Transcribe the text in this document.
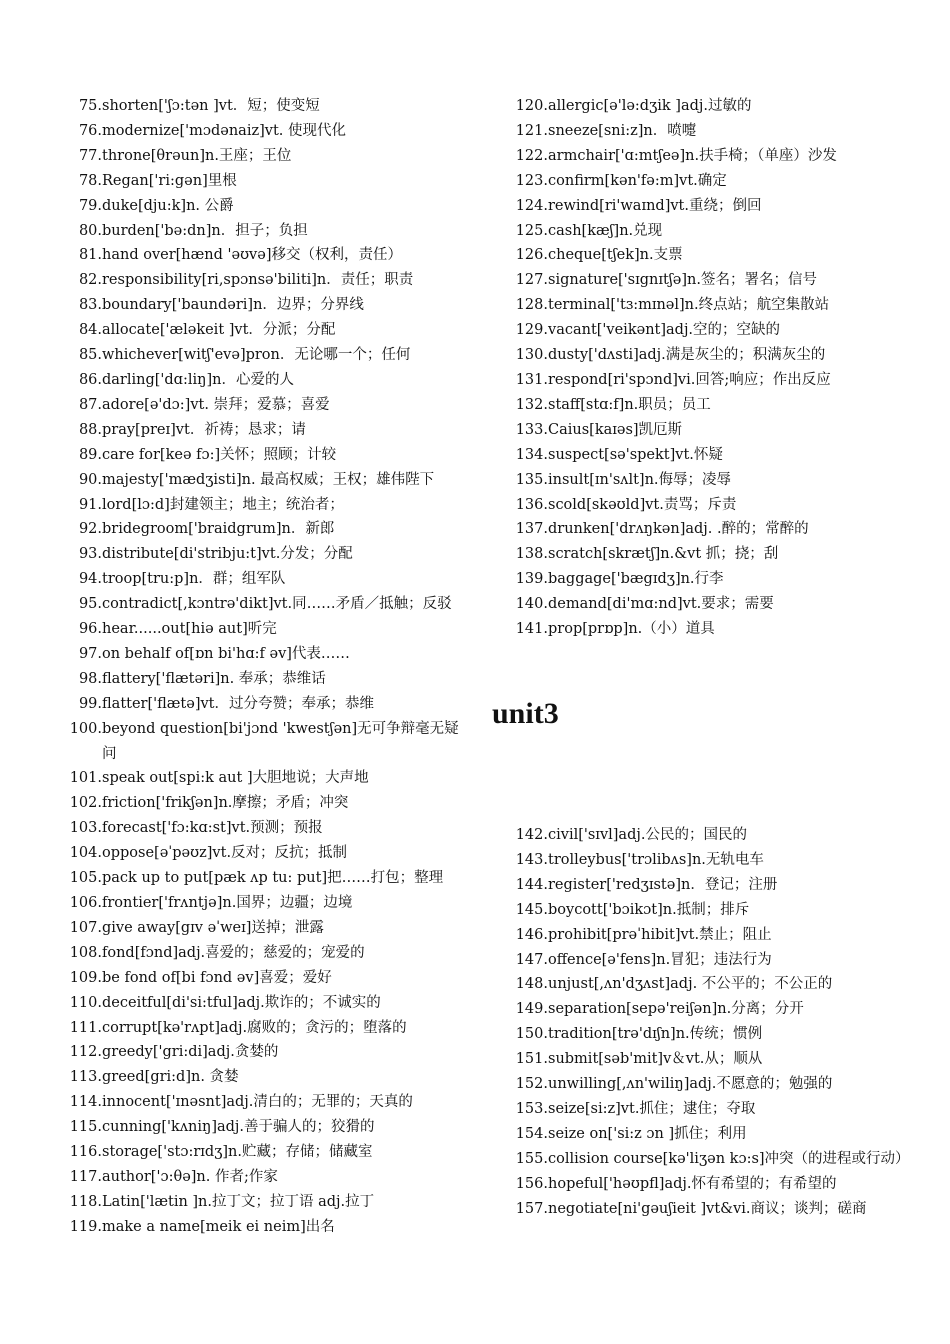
75. shorten['ʃɔ:tən ]vt．短；使变短
76. modernize['mɔdənaiz]vt. 使现代化
77. throne[θrəun]n.王座；王位
78. Regan['ri:gən]里根
79. duke[dju:k]n. 公爵
80. burden['bə:dn]n．担子；负担
81. hand over[hænd 'əʊvə]移交（权利，责任）
82. responsibility[ri,spɔnsə'biliti]n．责任；职责
83. boundary['baundəri]n．边界；分界线
84. allocate['æləkeit ]vt．分派；分配
85. whichever[witʃ'evə]pron．无论哪一个；任何
86. darling['dɑ:liŋ]n．心爱的人
87. adore[ə'dɔ:]vt. 崇拜；爱慕；喜爱
88. pray[preɪ]vt．祈祷；恳求；请
89. care for[keə fɔ:]关怀；照顾；计较
90. majesty['mædʒisti]n. 最高权威；王权；雄伟陛下
91. lord[lɔ:d]封建领主；地主；统治者；
92. bridegroom['braidgrum]n．新郎
93. distribute[di'stribju:t]vt.分发；分配
94. troop[tru:p]n．群；组军队
95. contradict[,kɔntrə'dikt]vt.同……矛盾／抵触；反驳
96. hear......out[hiə aut]听完
97. on behalf of[ɒn bi'hɑ:f əv]代表……
98. flattery['flætəri]n. 奉承；恭维话
99. flatter['flætə]vt．过分夸赞；奉承；恭维
100. beyond question[bi'jɔnd 'kwestʃən]无可争辩毫无疑问
101. speak out[spi:k aut ]大胆地说；大声地
102. friction['frikʃən]n.摩擦；矛盾；冲突
103. forecast['fɔ:kɑ:st]vt.预测；预报
104. oppose[əˈpəʊz]vt.反对；反抗；抵制
105. pack up to put[pæk ʌp tu: put]把……打包；整理
106. frontier['frʌntjə]n.国界；边疆；边境
107. give away[gɪv əˈweɪ]送掉；泄露
108. fond[fɔnd]adj.喜爱的；慈爱的；宠爱的
109. be fond of[bi fɔnd əv]喜爱；爱好
110. deceitful[di'si:tful]adj.欺诈的；不诚实的
111. corrupt[kə'rʌpt]adj.腐败的；贪污的；堕落的
112. greedy['gri:di]adj.贪婪的
113. greed[gri:d]n. 贪婪
114. innocent['ɪnəsnt]adj.清白的；无罪的；天真的
115. cunning['kʌniŋ]adj.善于骗人的；狡猾的
116. storage['stɔ:rɪdʒ]n.贮藏；存储；储藏室
117. author['ɔ:θə]n. 作者;作家
118. Latin['lætin ]n.拉丁文；拉丁语 adj.拉丁
119. make a name[meik ei neim]出名
120. allergic[ə'lə:dʒik ]adj.过敏的
121. sneeze[sni:z]n．喷嚏
122. armchair['ɑ:mtʃeə]n.扶手椅；（单座）沙发
123. confirm[kən'fə:m]vt.确定
124. rewind[ri'waɪnd]vt.重绕；倒回
125. cash[kæʃ]n.兑现
126. cheque[tʃek]n.支票
127. signature['sɪgnɪtʃə]n.签名；署名；信号
128. terminal['tɜ:mɪnəl]n.终点站；航空集散站
129. vacant['veikənt]adj.空的；空缺的
130. dusty['dʌsti]adj.满是灰尘的；积满灰尘的
131. respond[ri'spɔnd]vi.回答;响应；作出反应
132. staff[stɑ:f]n.职员；员工
133. Caius[kaɪəs]凯厄斯
134. suspect[sə'spekt]vt.怀疑
135. insult[ɪn'sʌlt]n.侮辱；凌辱
136. scold[skəʊld]vt.责骂；斥责
137. drunken['drʌŋkən]adj. .醉的；常醉的
138. scratch[skrætʃ]n.&vt 抓；挠；刮
139. baggage['bægɪdʒ]n.行李
140. demand[di'mɑ:nd]vt.要求；需要
141. prop[prɒp]n.（小）道具
unit3
142. civil['sɪvl]adj.公民的；国民的
143. trolleybus['trɔlibʌs]n.无轨电车
144. register['redʒɪstə]n．登记；注册
145. boycott['bɔikɔt]n.抵制；排斥
146. prohibit[prəˈhibit]vt.禁止；阻止
147. offence[ə'fens]n.冒犯；违法行为
148. unjust[,ʌn'dʒʌst]adj. 不公平的；不公正的
149. separation[sepə'reiʃən]n.分离；分开
150. tradition[trə'dɪʃn]n.传统；惯例
151. submit[səb'mit]v＆vt.从；顺从
152. unwilling[,ʌn'wiliŋ]adj.不愿意的；勉强的
153. seize[si:z]vt.抓住；逮住；夺取
154. seize on['si:z ɔn ]抓住；利用
155. collision course[kə'liʒən kɔ:s]冲突（的进程或行动）
156. hopeful['həʊpfl]adj.怀有希望的；有希望的
157. negotiate[ni'gəuʃieit ]vt&vi.商议；谈判；磋商
